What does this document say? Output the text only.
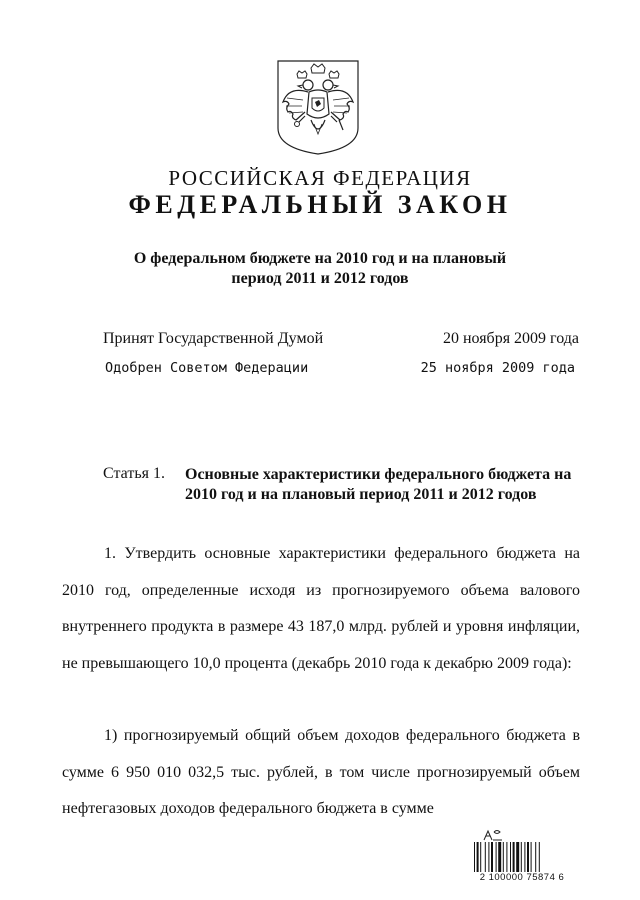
РОССИЙСКАЯ ФЕДЕРАЦИЯ
ФЕДЕРАЛЬНЫЙ ЗАКОН
О федеральном бюджете на 2010 год и на плановый
период 2011 и 2012 годов
Принят Государственной Думой	20 ноября 2009 года
Одобрен Советом Федерации	25 ноября 2009 года
Статья 1. Основные характеристики федерального бюджета на 2010 год и на плановый период 2011 и 2012 годов
1. Утвердить основные характеристики федерального бюджета на 2010 год, определенные исходя из прогнозируемого объема валового внутреннего продукта в размере 43 187,0 млрд. рублей и уровня инфляции, не превышающего 10,0 процента (декабрь 2010 года к декабрю 2009 года):
1) прогнозируемый общий объем доходов федерального бюджета в сумме 6 950 010 032,5 тыс. рублей, в том числе прогнозируемый объем нефтегазовых доходов федерального бюджета в сумме
2 100000 75874 6
